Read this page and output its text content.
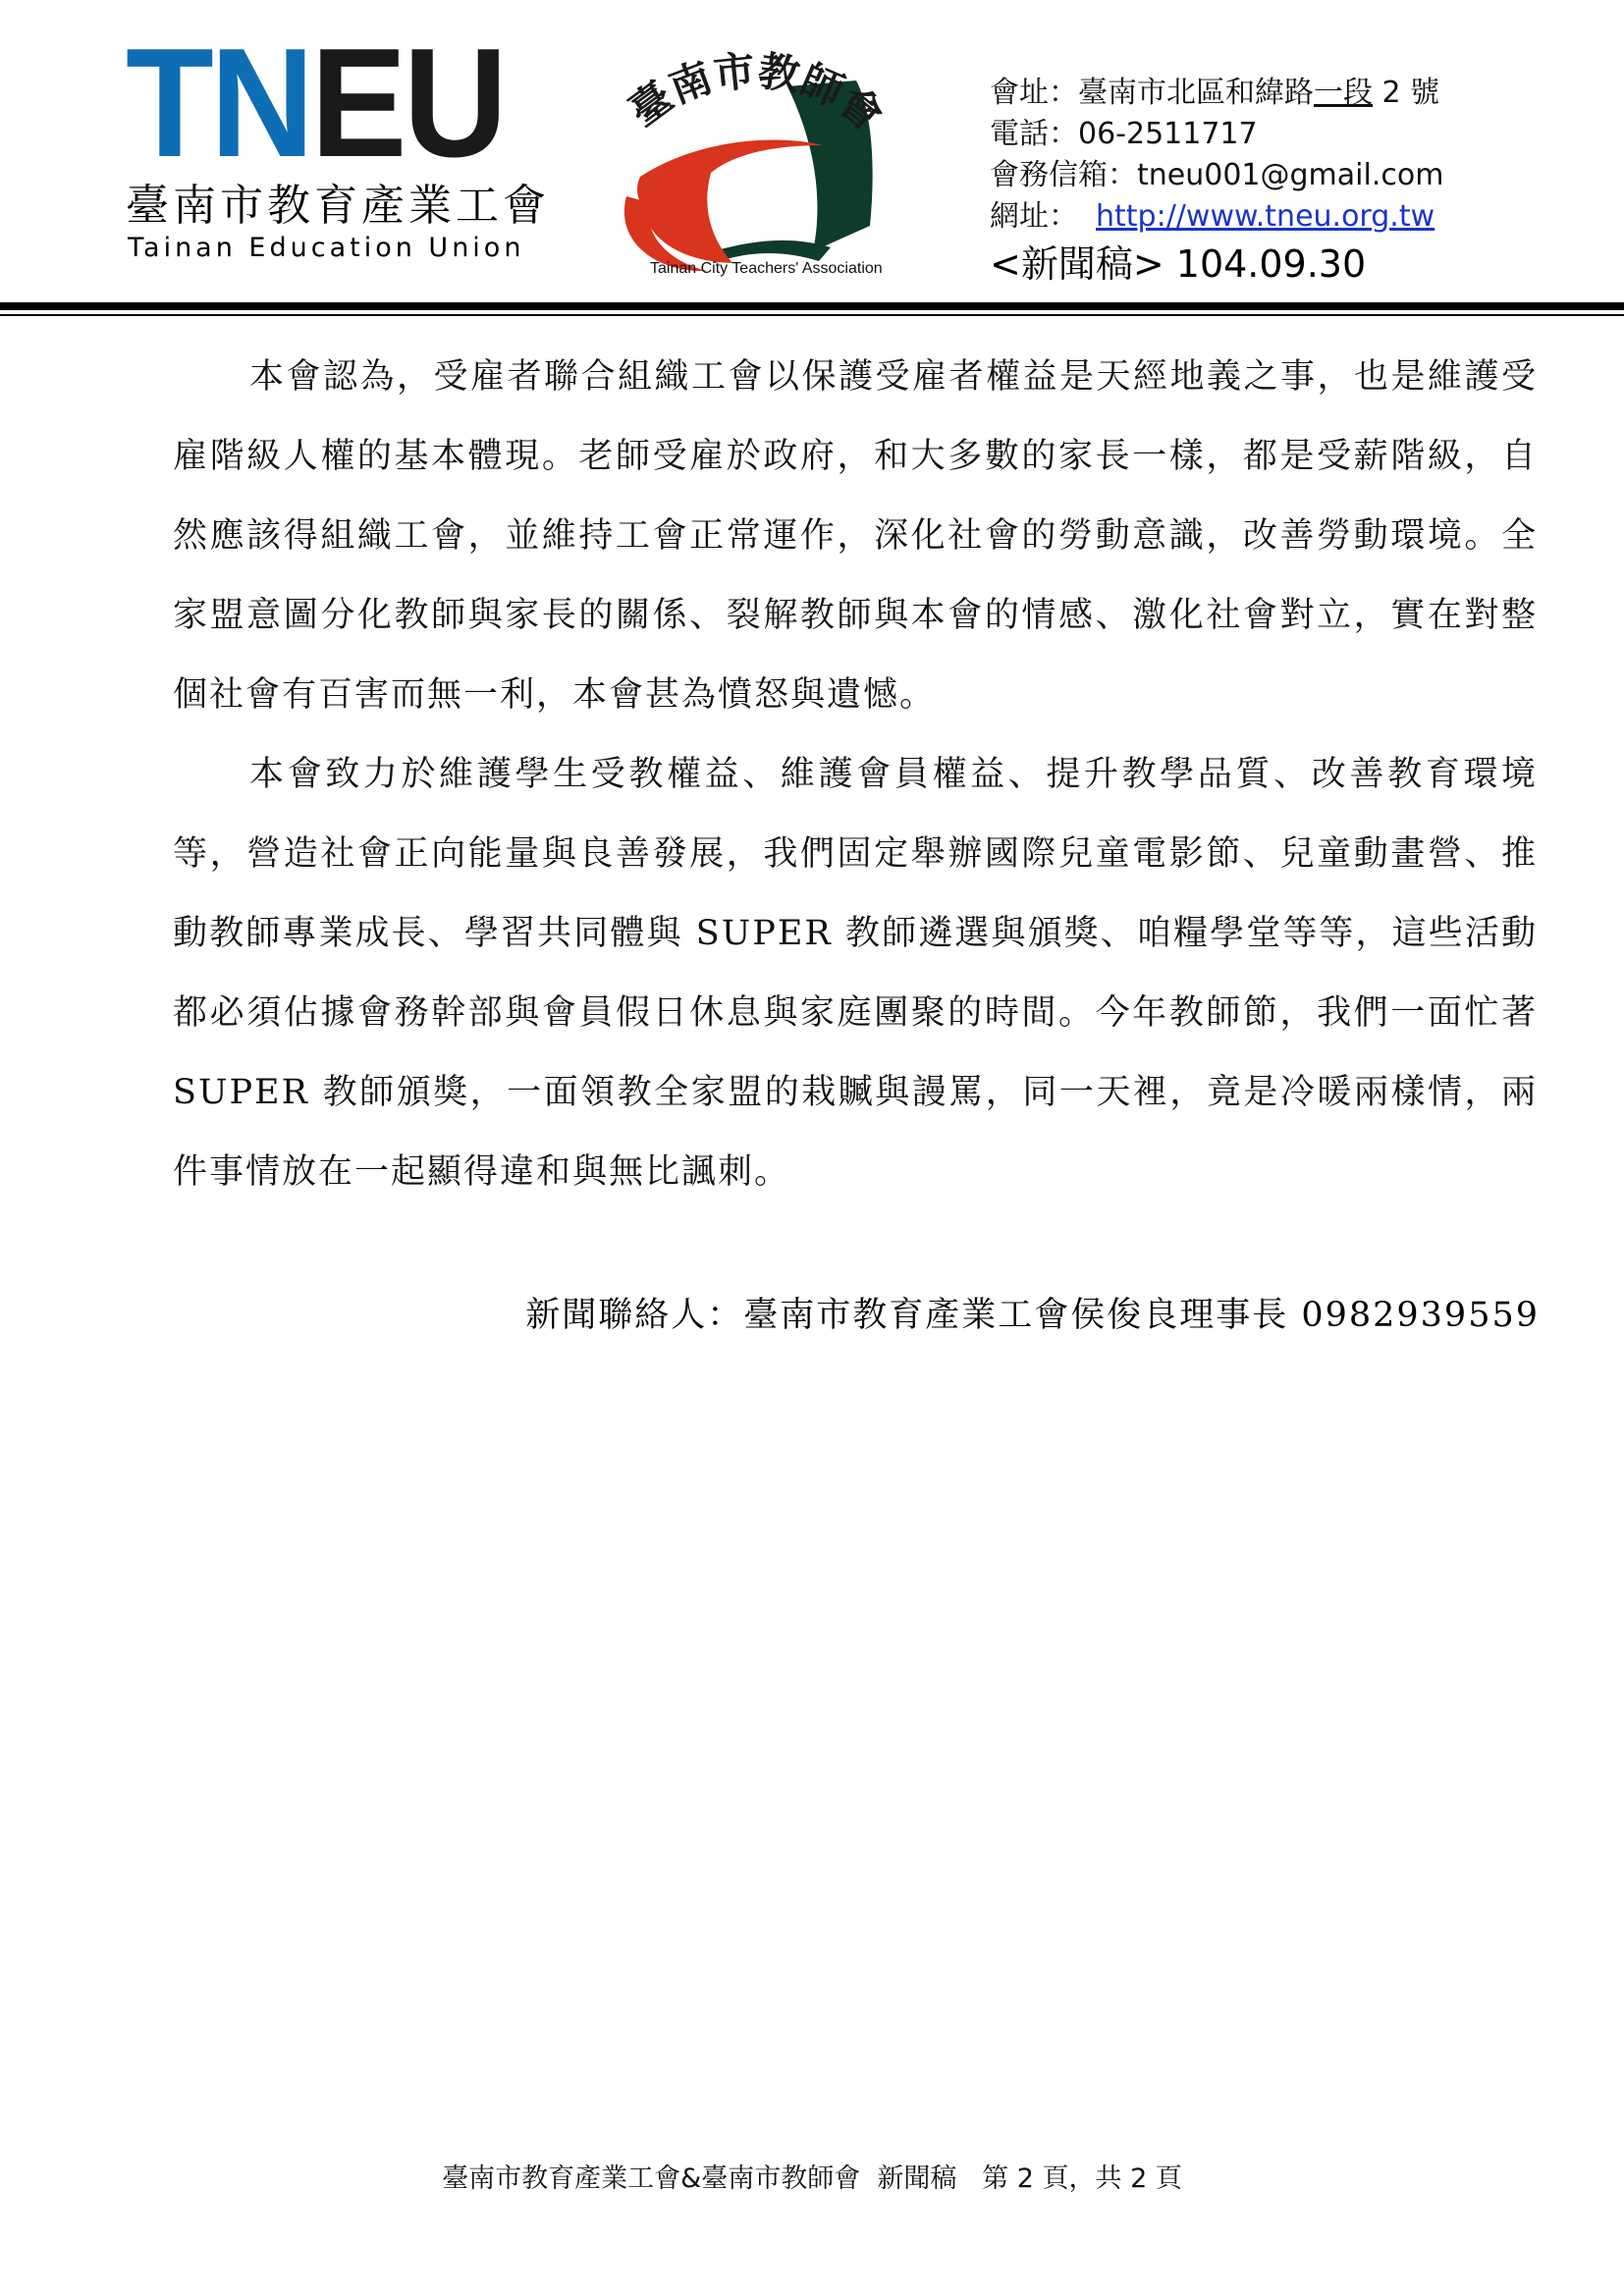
TNEU
臺南市教育產業工會
Tainan Education Union
臺南市教師會
Tainan City Teachers' Association
會址：臺南市北區和緯路一段 2 號
電話：06-2511717
會務信箱：tneu001@gmail.com
網址： http://www.tneu.org.tw
<新聞稿> 104.09.30

本會認為，受雇者聯合組織工會以保護受雇者權益是天經地義之事，也是維護受雇階級人權的基本體現。老師受雇於政府，和大多數的家長一樣，都是受薪階級，自然應該得組織工會，並維持工會正常運作，深化社會的勞動意識，改善勞動環境。全家盟意圖分化教師與家長的關係、裂解教師與本會的情感、激化社會對立，實在對整個社會有百害而無一利，本會甚為憤怒與遺憾。

本會致力於維護學生受教權益、維護會員權益、提升教學品質、改善教育環境等，營造社會正向能量與良善發展，我們固定舉辦國際兒童電影節、兒童動畫營、推動教師專業成長、學習共同體與 SUPER 教師遴選與頒獎、咱糧學堂等等，這些活動都必須佔據會務幹部與會員假日休息與家庭團聚的時間。今年教師節，我們一面忙著 SUPER 教師頒獎，一面領教全家盟的栽贓與謾罵，同一天裡，竟是冷暖兩樣情，兩件事情放在一起顯得違和與無比諷刺。

新聞聯絡人：臺南市教育產業工會侯俊良理事長 0982939559
臺南市教育產業工會&臺南市教師會  新聞稿   第 2 頁，共 2 頁
